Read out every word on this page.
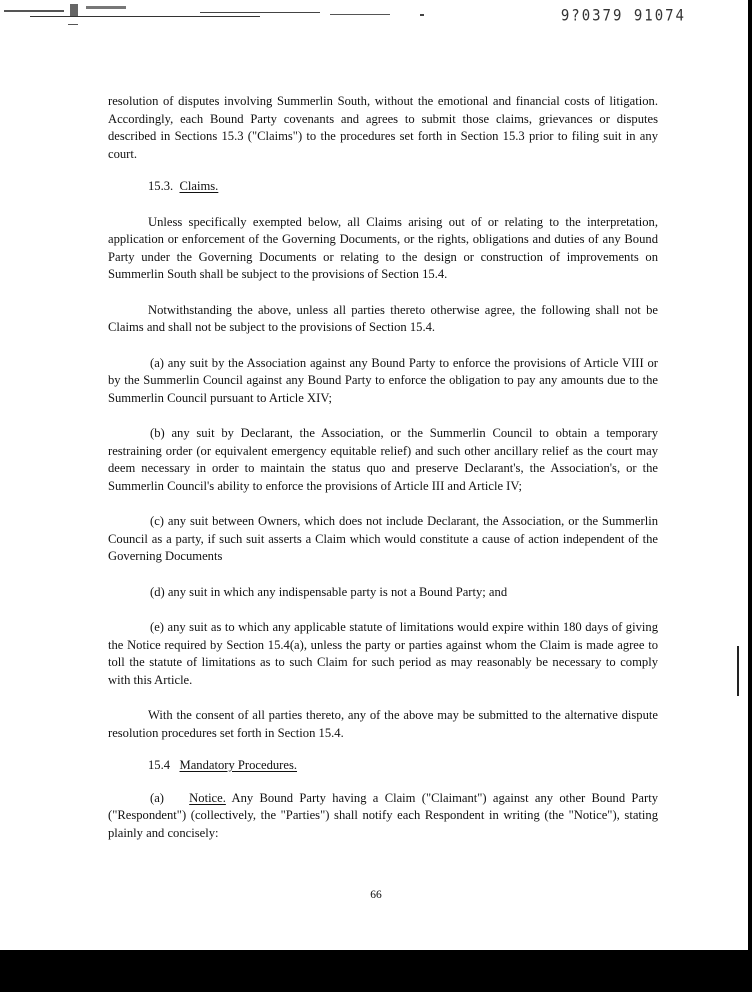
9?0379 91074

resolution of disputes involving Summerlin South, without the emotional and financial costs of litigation. Accordingly, each Bound Party covenants and agrees to submit those claims, grievances or disputes described in Sections 15.3 ("Claims") to the procedures set forth in Section 15.3 prior to filing suit in any court.

15.3. Claims.

Unless specifically exempted below, all Claims arising out of or relating to the interpretation, application or enforcement of the Governing Documents, or the rights, obligations and duties of any Bound Party under the Governing Documents or relating to the design or construction of improvements on Summerlin South shall be subject to the provisions of Section 15.4.

Notwithstanding the above, unless all parties thereto otherwise agree, the following shall not be Claims and shall not be subject to the provisions of Section 15.4.

(a) any suit by the Association against any Bound Party to enforce the provisions of Article VIII or by the Summerlin Council against any Bound Party to enforce the obligation to pay any amounts due to the Summerlin Council pursuant to Article XIV;

(b) any suit by Declarant, the Association, or the Summerlin Council to obtain a temporary restraining order (or equivalent emergency equitable relief) and such other ancillary relief as the court may deem necessary in order to maintain the status quo and preserve Declarant's, the Association's, or the Summerlin Council's ability to enforce the provisions of Article III and Article IV;

(c) any suit between Owners, which does not include Declarant, the Association, or the Summerlin Council as a party, if such suit asserts a Claim which would constitute a cause of action independent of the Governing Documents

(d) any suit in which any indispensable party is not a Bound Party; and

(e) any suit as to which any applicable statute of limitations would expire within 180 days of giving the Notice required by Section 15.4(a), unless the party or parties against whom the Claim is made agree to toll the statute of limitations as to such Claim for such period as may reasonably be necessary to comply with this Article.

With the consent of all parties thereto, any of the above may be submitted to the alternative dispute resolution procedures set forth in Section 15.4.

15.4 Mandatory Procedures.

(a) Notice. Any Bound Party having a Claim ("Claimant") against any other Bound Party ("Respondent") (collectively, the "Parties") shall notify each Respondent in writing (the "Notice"), stating plainly and concisely:

66
